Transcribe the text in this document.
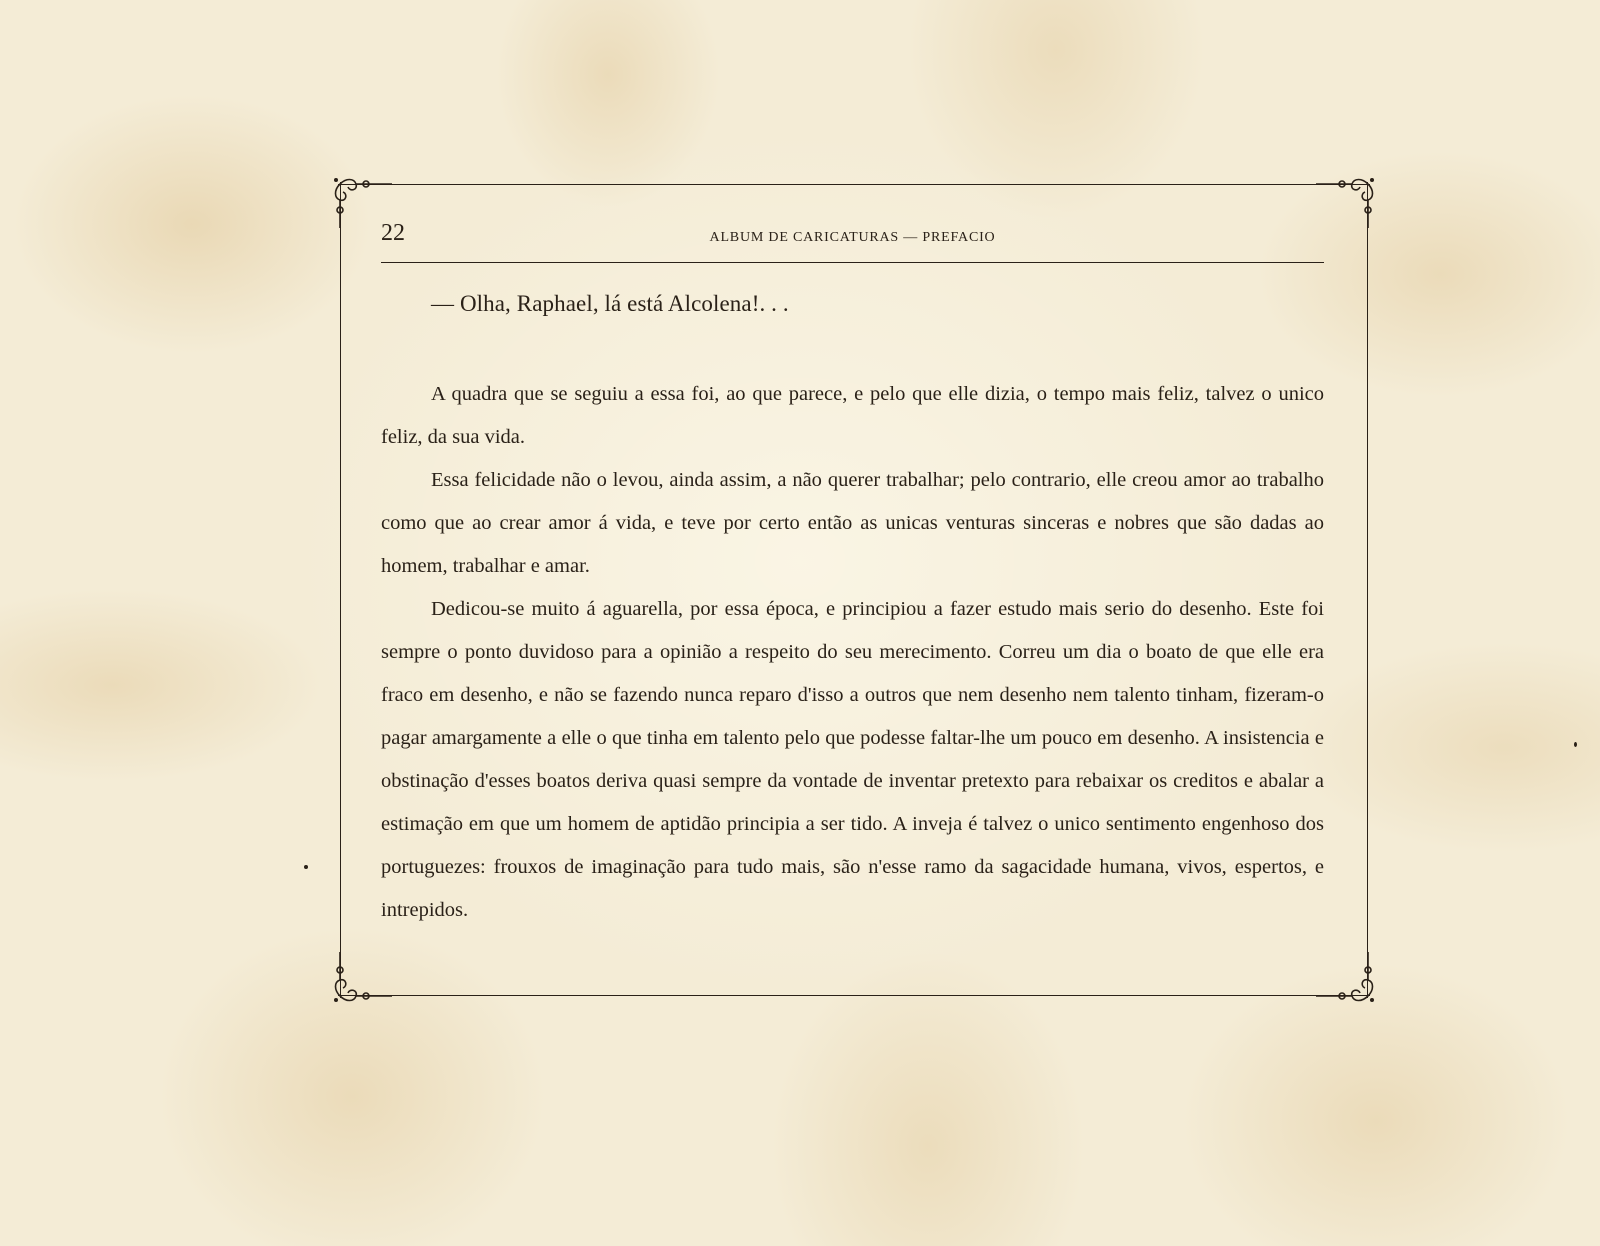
22	ALBUM DE CARICATURAS — PREFACIO
— Olha, Raphael, lá está Alcolena!. . .

A quadra que se seguiu a essa foi, ao que parece, e pelo que elle dizia, o tempo mais feliz, talvez o unico feliz, da sua vida.

Essa felicidade não o levou, ainda assim, a não querer trabalhar; pelo contrario, elle creou amor ao trabalho como que ao crear amor á vida, e teve por certo então as unicas venturas sinceras e nobres que são dadas ao homem, trabalhar e amar.

Dedicou-se muito á aguarella, por essa época, e principiou a fazer estudo mais serio do desenho. Este foi sempre o ponto duvidoso para a opinião a respeito do seu merecimento. Correu um dia o boato de que elle era fraco em desenho, e não se fazendo nunca reparo d'isso a outros que nem desenho nem talento tinham, fizeram-o pagar amargamente a elle o que tinha em talento pelo que podesse faltar-lhe um pouco em desenho. A insistencia e obstinação d'esses boatos deriva quasi sempre da vontade de inventar pretexto para rebaixar os creditos e abalar a estimação em que um homem de aptidão principia a ser tido. A inveja é talvez o unico sentimento engenhoso dos portuguezes: frouxos de imaginação para tudo mais, são n'esse ramo da sagacidade humana, vivos, espertos, e intrepidos.
